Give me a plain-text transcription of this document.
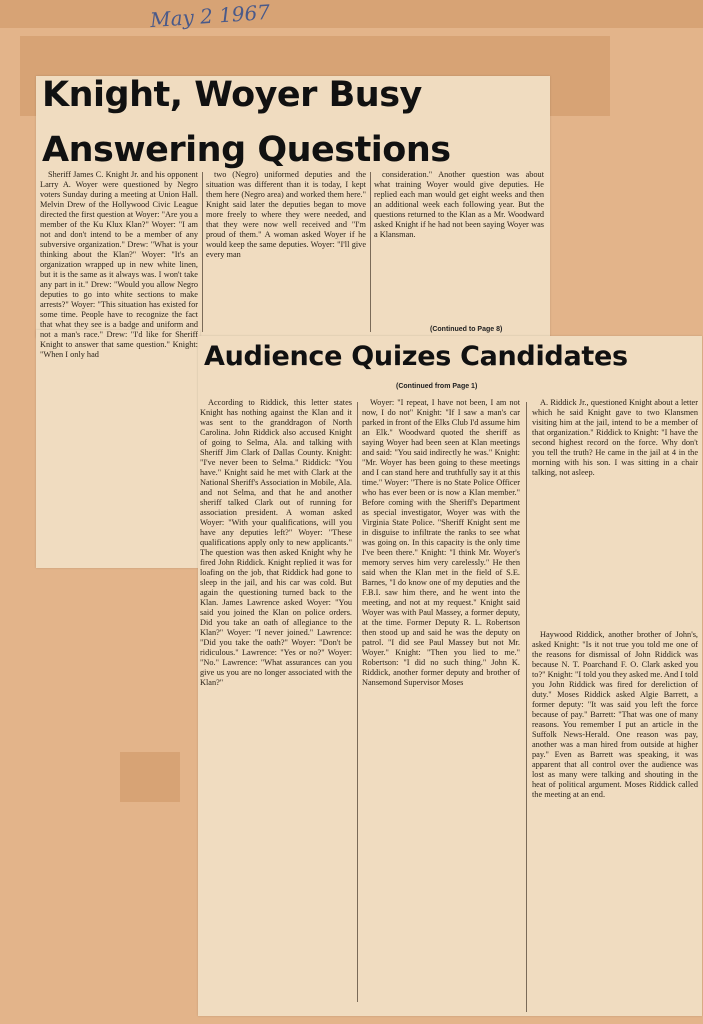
May 2 1967
Knight, Woyer Busy
Answering Questions

Sheriff James C. Knight Jr. and his opponent Larry A. Woyer were questioned by Negro voters Sunday during a meeting at Union Hall. Melvin Drew of the Hollywood Civic League directed the first question at Woyer: "Are you a member of the Ku Klux Klan?" Woyer: "I am not and don't intend to be a member of any subversive organization." Drew: "What is your thinking about the Klan?" Woyer: "It's an organization wrapped up in new white linen, but it is the same as it always was. I won't take any part in it." Drew: "Would you allow Negro deputies to go into white sections to make arrests?" Woyer: "This situation has existed for some time. People have to recognize the fact that what they see is a badge and uniform and not a man's race." Drew: "I'd like for Sheriff Knight to answer that same question." Knight: "When I only had

two (Negro) uniformed deputies and the situation was different than it is today, I kept them here (Negro area) and worked them here." Knight said later the deputies began to move more freely to where they were needed, and that they were now well received and "I'm proud of them." A woman asked Woyer if he would keep the same deputies. Woyer: "I'll give every man

consideration." Another question was about what training Woyer would give deputies. He replied each man would get eight weeks and then an additional week each following year. But the questions returned to the Klan as a Mr. Woodward asked Knight if he had not been saying Woyer was a Klansman.

(Continued to Page 8)
Audience Quizes Candidates
(Continued from Page 1)

According to Riddick, this letter states Knight has nothing against the Klan and it was sent to the granddragon of North Carolina. John Riddick also accused Knight of going to Selma, Ala. and talking with Sheriff Jim Clark of Dallas County. Knight: "I've never been to Selma." Riddick: "You have." Knight said he met with Clark at the National Sheriff's Association in Mobile, Ala. and not Selma, and that he and another sheriff talked Clark out of running for association president. A woman asked Woyer: "With your qualifications, will you have any deputies left?" Woyer: "These qualifications apply only to new applicants." The question was then asked Knight why he fired John Riddick. Knight replied it was for loafing on the job, that Riddick had gone to sleep in the jail, and his car was cold. But again the questioning turned back to the Klan. James Lawrence asked Woyer: "You said you joined the Klan on police orders. Did you take an oath of allegiance to the Klan?" Woyer: "I never joined." Lawrence: "Did you take the oath?" Woyer: "Don't be ridiculous." Lawrence: "Yes or no?" Woyer: "No." Lawrence: "What assurances can you give us you are no longer associated with the Klan?"

Woyer: "I repeat, I have not been, I am not now, I do not" Knight: "If I saw a man's car parked in front of the Elks Club I'd assume him an Elk." Woodward quoted the sheriff as saying Woyer had been seen at Klan meetings and said: "You said indirectly he was." Knight: "Mr. Woyer has been going to these meetings and I can stand here and truthfully say it at this time." Woyer: "There is no State Police Officer who has ever been or is now a Klan member." Before coming with the Sheriff's Department as special investigator, Woyer was with the Virginia State Police. "Sheriff Knight sent me in disguise to infiltrate the ranks to see what was going on. In this capacity is the only time I've been there." Knight: "I think Mr. Woyer's memory serves him very carelessly." He then said when the Klan met in the field of S.E. Barnes, "I do know one of my deputies and the F.B.I. saw him there, and he went into the meeting, and not at my request." Knight said Woyer was with Paul Massey, a former deputy, at the time. Former Deputy R. L. Robertson then stood up and said he was the deputy on patrol. "I did see Paul Massey but not Mr. Woyer." Knight: "Then you lied to me." Robertson: "I did no such thing." John K. Riddick, another former deputy and brother of Nansemond Supervisor Moses

A. Riddick Jr., questioned Knight about a letter which he said Knight gave to two Klansmen visiting him at the jail, intend to be a member of that organization." Riddick to Knight: "I have the second highest record on the force. Why don't you tell the truth? He came in the jail at 4 in the morning with his son. I was sitting in a chair talking, not asleep.

Haywood Riddick, another brother of John's, asked Knight: "Is it not true you told me one of the reasons for dismissal of John Riddick was because N. T. Poarchand F. O. Clark asked you to?" Knight: "I told you they asked me. And I told you John Riddick was fired for dereliction of duty." Moses Riddick asked Algie Barrett, a former deputy: "It was said you left the force because of pay." Barrett: "That was one of many reasons. You remember I put an article in the Suffolk News-Herald. One reason was pay, another was a man hired from outside at higher pay." Even as Barrett was speaking, it was apparent that all control over the audience was lost as many were talking and shouting in the heat of political argument. Moses Riddick called the meeting at an end.
